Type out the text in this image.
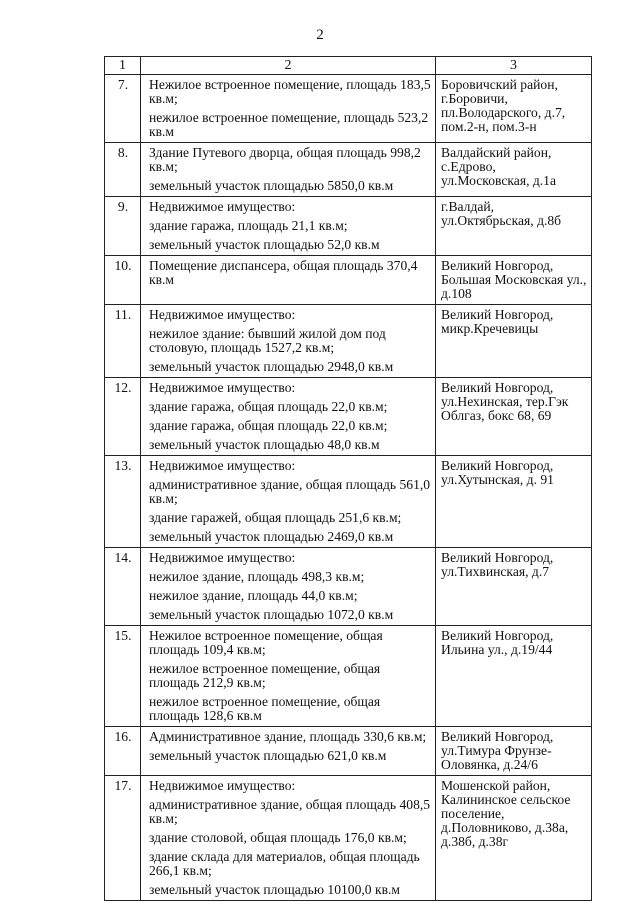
2
1	2	3
7.	Нежилое встроенное помещение, площадь 183,5 кв.м;
нежилое встроенное помещение, площадь 523,2 кв.м	Боровичский район, г.Боровичи, пл.Володарского, д.7, пом.2-н, пом.3-н

8.	Здание Путевого дворца, общая площадь 998,2 кв.м;
земельный участок площадью 5850,0 кв.м	Валдайский район, с.Едрово, ул.Московская, д.1а

9.	Недвижимое имущество:
здание гаража, площадь 21,1 кв.м;
земельный участок площадью 52,0 кв.м	г.Валдай, ул.Октябрьская, д.8б

10.	Помещение диспансера, общая площадь 370,4 кв.м	Великий Новгород, Большая Московская ул., д.108

11.	Недвижимое имущество:
нежилое здание: бывший жилой дом под столовую, площадь 1527,2 кв.м;
земельный участок площадью 2948,0 кв.м	Великий Новгород, микр.Кречевицы

12.	Недвижимое имущество:
здание гаража, общая площадь 22,0 кв.м;
здание гаража, общая площадь 22,0 кв.м;
земельный участок площадью 48,0 кв.м	Великий Новгород, ул.Нехинская, тер.Гэк Облгаз, бокс 68, 69

13.	Недвижимое имущество:
административное здание, общая площадь 561,0 кв.м;
здание гаражей, общая площадь 251,6 кв.м;
земельный участок площадью 2469,0 кв.м	Великий Новгород, ул.Хутынская, д. 91

14.	Недвижимое имущество:
нежилое здание, площадь 498,3 кв.м;
нежилое здание, площадь 44,0 кв.м;
земельный участок площадью 1072,0 кв.м	Великий Новгород, ул.Тихвинская, д.7

15.	Нежилое встроенное помещение, общая площадь 109,4 кв.м;
нежилое встроенное помещение, общая площадь 212,9 кв.м;
нежилое встроенное помещение, общая площадь 128,6 кв.м	Великий Новгород, Ильина ул., д.19/44

16.	Административное здание, площадь 330,6 кв.м;
земельный участок площадью 621,0 кв.м	Великий Новгород, ул.Тимура Фрунзе-Оловянка, д.24/6

17.	Недвижимое имущество:
административное здание, общая площадь 408,5 кв.м;
здание столовой, общая площадь 176,0 кв.м;
здание склада для материалов, общая площадь 266,1 кв.м;
земельный участок площадью 10100,0 кв.м	Мошенской район, Калининское сельское поселение, д.Половниково, д.38а, д.38б, д.38г
